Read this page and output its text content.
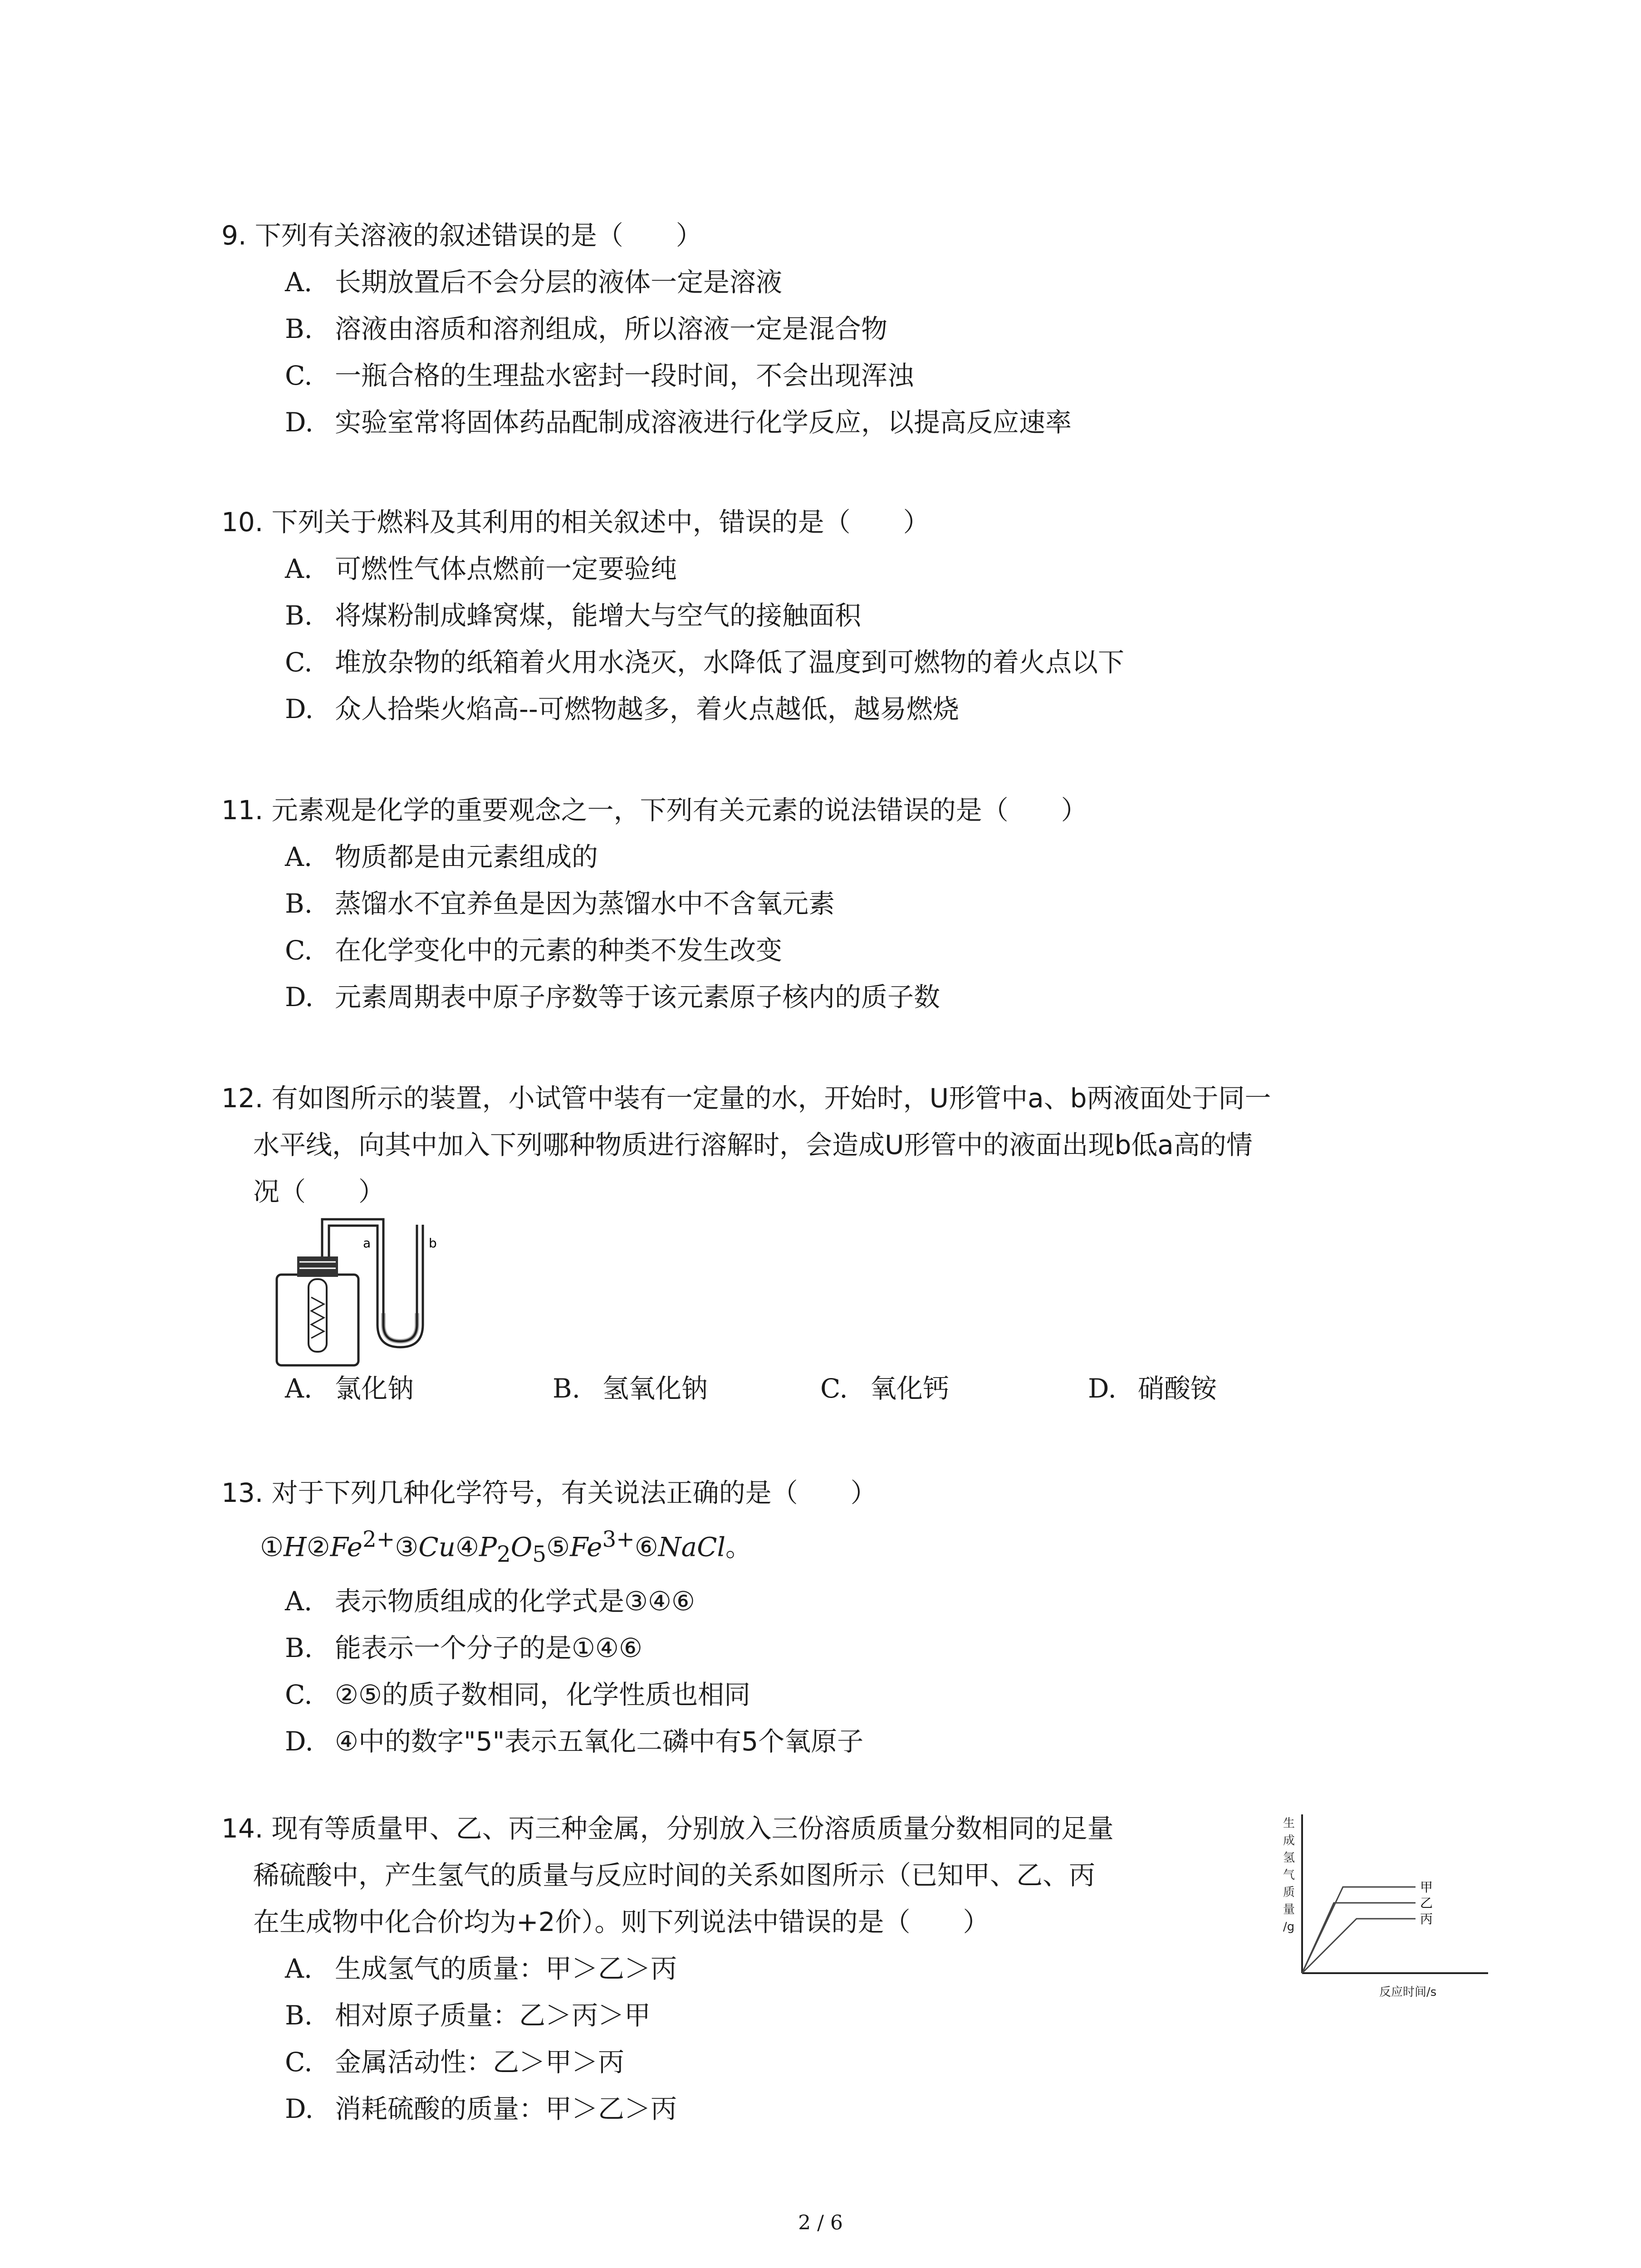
9. 下列有关溶液的叙述错误的是（　　）
A. 长期放置后不会分层的液体一定是溶液
B. 溶液由溶质和溶剂组成，所以溶液一定是混合物
C. 一瓶合格的生理盐水密封一段时间，不会出现浑浊
D. 实验室常将固体药品配制成溶液进行化学反应，以提高反应速率
10. 下列关于燃料及其利用的相关叙述中，错误的是（　　）
A. 可燃性气体点燃前一定要验纯
B. 将煤粉制成蜂窝煤，能增大与空气的接触面积
C. 堆放杂物的纸箱着火用水浇灭，水降低了温度到可燃物的着火点以下
D. 众人拾柴火焰高--可燃物越多，着火点越低，越易燃烧
11. 元素观是化学的重要观念之一，下列有关元素的说法错误的是（　　）
A. 物质都是由元素组成的
B. 蒸馏水不宜养鱼是因为蒸馏水中不含氧元素
C. 在化学变化中的元素的种类不发生改变
D. 元素周期表中原子序数等于该元素原子核内的质子数
12. 有如图所示的装置，小试管中装有一定量的水，开始时，U形管中a、b两液面处于同一
水平线，向其中加入下列哪种物质进行溶解时，会造成U形管中的液面出现b低a高的情
况（　　）
a	b
A. 氯化钠	B. 氢氧化钠	C. 氧化钙	D. 硝酸铵
13. 对于下列几种化学符号，有关说法正确的是（　　）
$①H②Fe^{2+}③Cu④P_2O_5⑤Fe^{3+}⑥NaCl$。
A. 表示物质组成的化学式是③④⑥
B. 能表示一个分子的是①④⑥
C. ②⑤的质子数相同，化学性质也相同
D. ④中的数字"5"表示五氧化二磷中有5个氧原子
14. 现有等质量甲、乙、丙三种金属，分别放入三份溶质质量分数相同的足量
稀硫酸中，产生氢气的质量与反应时间的关系如图所示（已知甲、乙、丙
在生成物中化合价均为+2价）。则下列说法中错误的是（　　）
A. 生成氢气的质量：甲＞乙＞丙
B. 相对原子质量：乙＞丙＞甲
C. 金属活动性：乙＞甲＞丙
D. 消耗硫酸的质量：甲＞乙＞丙
生
成
氢
气
质
量
/g
反应时间/s
甲
乙
丙
2 / 6
